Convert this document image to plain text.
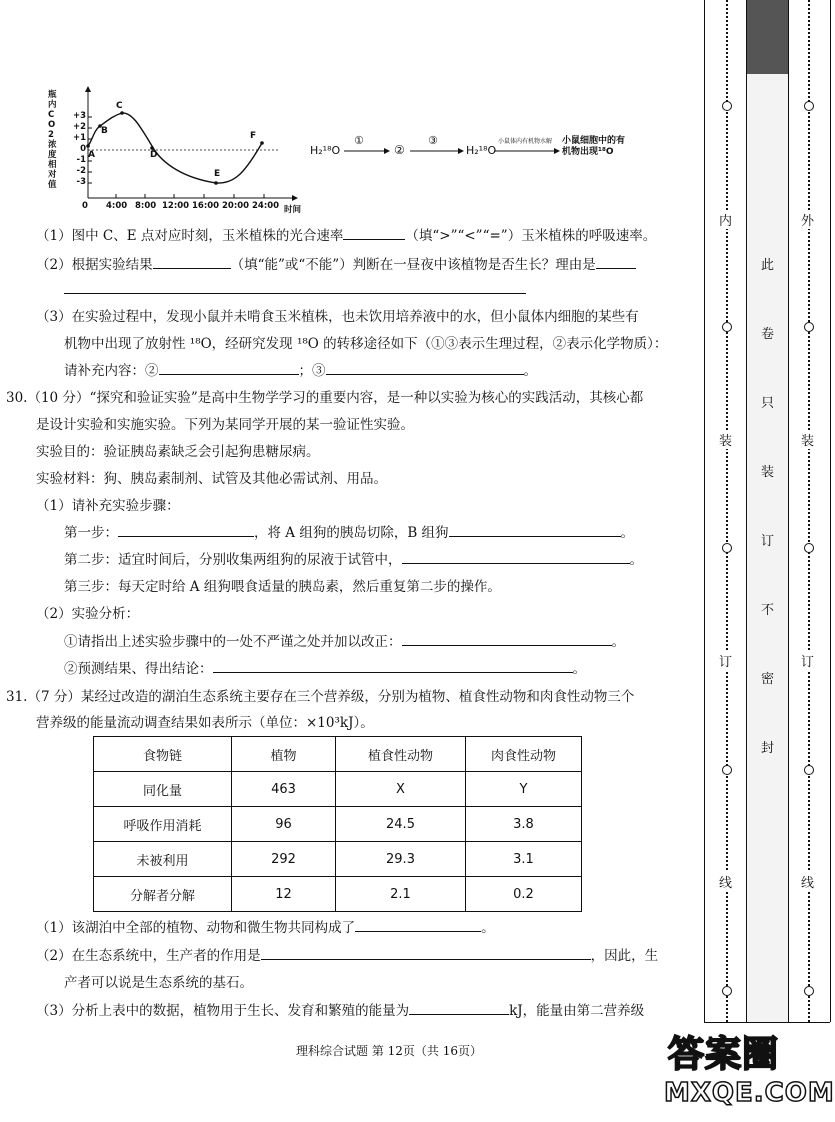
瓶内CO2浓度相对值
+3
+2
+1
0
-1
-2
-3
0 4:00 8:00 12:00 16:00 20:00 24:00 时间
A
B
C
D
E
F
H₂¹⁸O
①
②
③
H₂¹⁸O
小鼠体内有机物水解 小鼠细胞中的有机物出现¹⁸O
（1）图中 C、E 点对应时刻，玉米植株的光合速率	（填“>”“<”“=”）玉米植株的呼吸速率。
（2）根据实验结果	（填“能”或“不能”）判断在一昼夜中该植物是否生长？理由是
（3）在实验过程中，发现小鼠并未啃食玉米植株，也未饮用培养液中的水，但小鼠体内细胞的某些有
机物中出现了放射性 ¹⁸O，经研究发现 ¹⁸O 的转移途径如下（①③表示生理过程，②表示化学物质）：
请补充内容：②	；③	。
30.（10 分）“探究和验证实验”是高中生物学学习的重要内容，是一种以实验为核心的实践活动，其核心都
是设计实验和实施实验。下列为某同学开展的某一验证性实验。
实验目的：验证胰岛素缺乏会引起狗患糖尿病。
实验材料：狗、胰岛素制剂、试管及其他必需试剂、用品。
（1）请补充实验步骤：
第一步：	，将 A 组狗的胰岛切除，B 组狗	。
第二步：适宜时间后，分别收集两组狗的尿液于试管中，	。
第三步：每天定时给 A 组狗喂食适量的胰岛素，然后重复第二步的操作。
（2）实验分析：
①请指出上述实验步骤中的一处不严谨之处并加以改正：	。
②预测结果、得出结论：	。
31.（7 分）某经过改造的湖泊生态系统主要存在三个营养级，分别为植物、植食性动物和肉食性动物三个
营养级的能量流动调查结果如表所示（单位：×10³kJ）。
食物链	植物	植食性动物	肉食性动物
同化量	463	X	Y
呼吸作用消耗	96	24.5	3.8
未被利用	292	29.3	3.1
分解者分解	12	2.1	0.2
（1）该湖泊中全部的植物、动物和微生物共同构成了	。
（2）在生态系统中，生产者的作用是	，因此，生
产者可以说是生态系统的基石。
（3）分析上表中的数据，植物用于生长、发育和繁殖的能量为	kJ，能量由第二营养级
理科综合试题 第 12页（共 16页）
内
装
订
线
外
装
订
线
此
卷
只
装
订
不
密
封
答案圈
MXQE.COM
